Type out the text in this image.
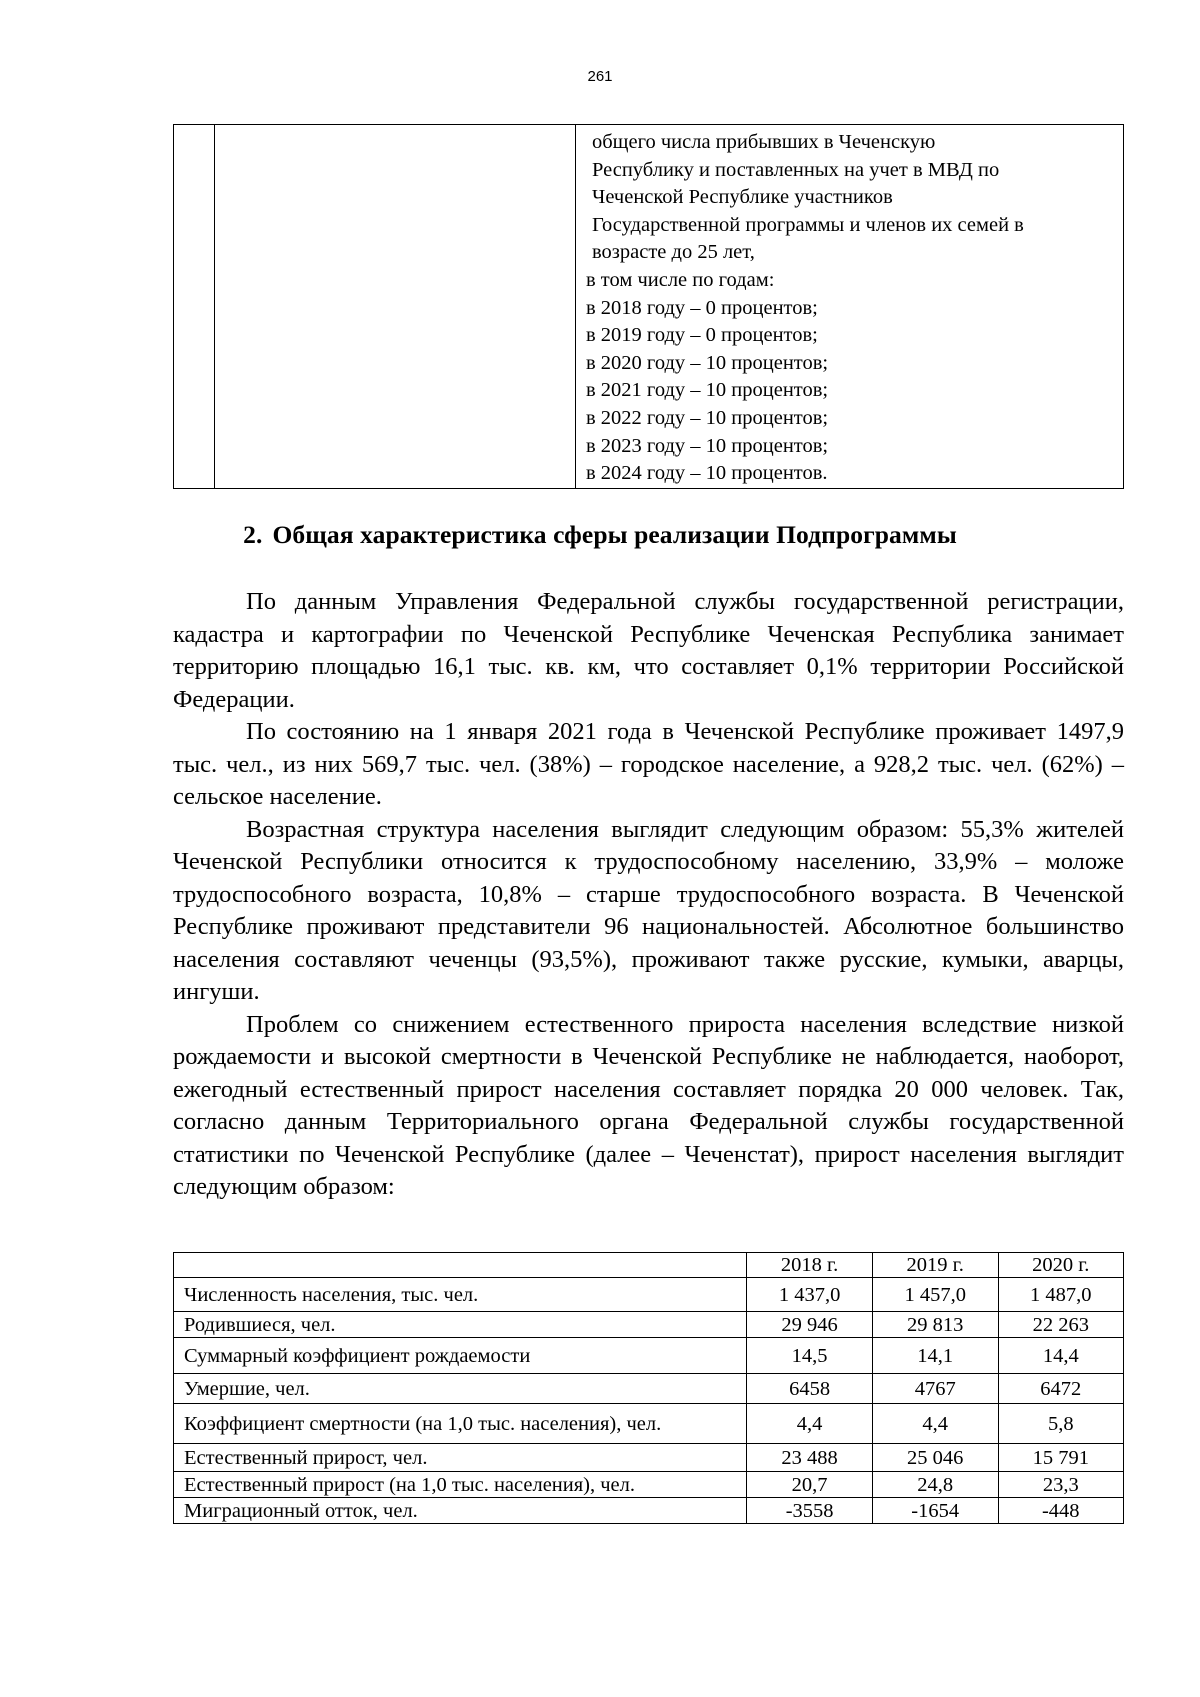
261

общего числа прибывших в Чеченскую
Республику и поставленных на учет в МВД по
Чеченской Республике участников
Государственной программы и членов их семей в
возрасте до 25 лет,
в том числе по годам:
в 2018 году – 0 процентов;
в 2019 году – 0 процентов;
в 2020 году – 10 процентов;
в 2021 году – 10 процентов;
в 2022 году – 10 процентов;
в 2023 году – 10 процентов;
в 2024 году – 10 процентов.
2. Общая характеристика сферы реализации Подпрограммы

По данным Управления Федеральной службы государственной регистрации, кадастра и картографии по Чеченской Республике Чеченская Республика занимает территорию площадью 16,1 тыс. кв. км, что составляет 0,1% территории Российской Федерации.

По состоянию на 1 января 2021 года в Чеченской Республике проживает 1497,9 тыс. чел., из них 569,7 тыс. чел. (38%) – городское население, а 928,2 тыс. чел. (62%) – сельское население.

Возрастная структура населения выглядит следующим образом: 55,3% жителей Чеченской Республики относится к трудоспособному населению, 33,9% – моложе трудоспособного возраста, 10,8% – старше трудоспособного возраста. В Чеченской Республике проживают представители 96 национальностей. Абсолютное большинство населения составляют чеченцы (93,5%), проживают также русские, кумыки, аварцы, ингуши.

Проблем со снижением естественного прироста населения вследствие низкой рождаемости и высокой смертности в Чеченской Республике не наблюдается, наоборот, ежегодный естественный прирост населения составляет порядка 20 000 человек. Так, согласно данным Территориального органа Федеральной службы государственной статистики по Чеченской Республике (далее – Чеченстат), прирост населения выглядит следующим образом:

	2018 г.	2019 г.	2020 г.
Численность населения, тыс. чел.	1 437,0	1 457,0	1 487,0
Родившиеся, чел.	29 946	29 813	22 263
Суммарный коэффициент рождаемости	14,5	14,1	14,4
Умершие, чел.	6458	4767	6472
Коэффициент смертности (на 1,0 тыс. населения), чел.	4,4	4,4	5,8
Естественный прирост, чел.	23 488	25 046	15 791
Естественный прирост (на 1,0 тыс. населения), чел.	20,7	24,8	23,3
Миграционный отток, чел.	-3558	-1654	-448
